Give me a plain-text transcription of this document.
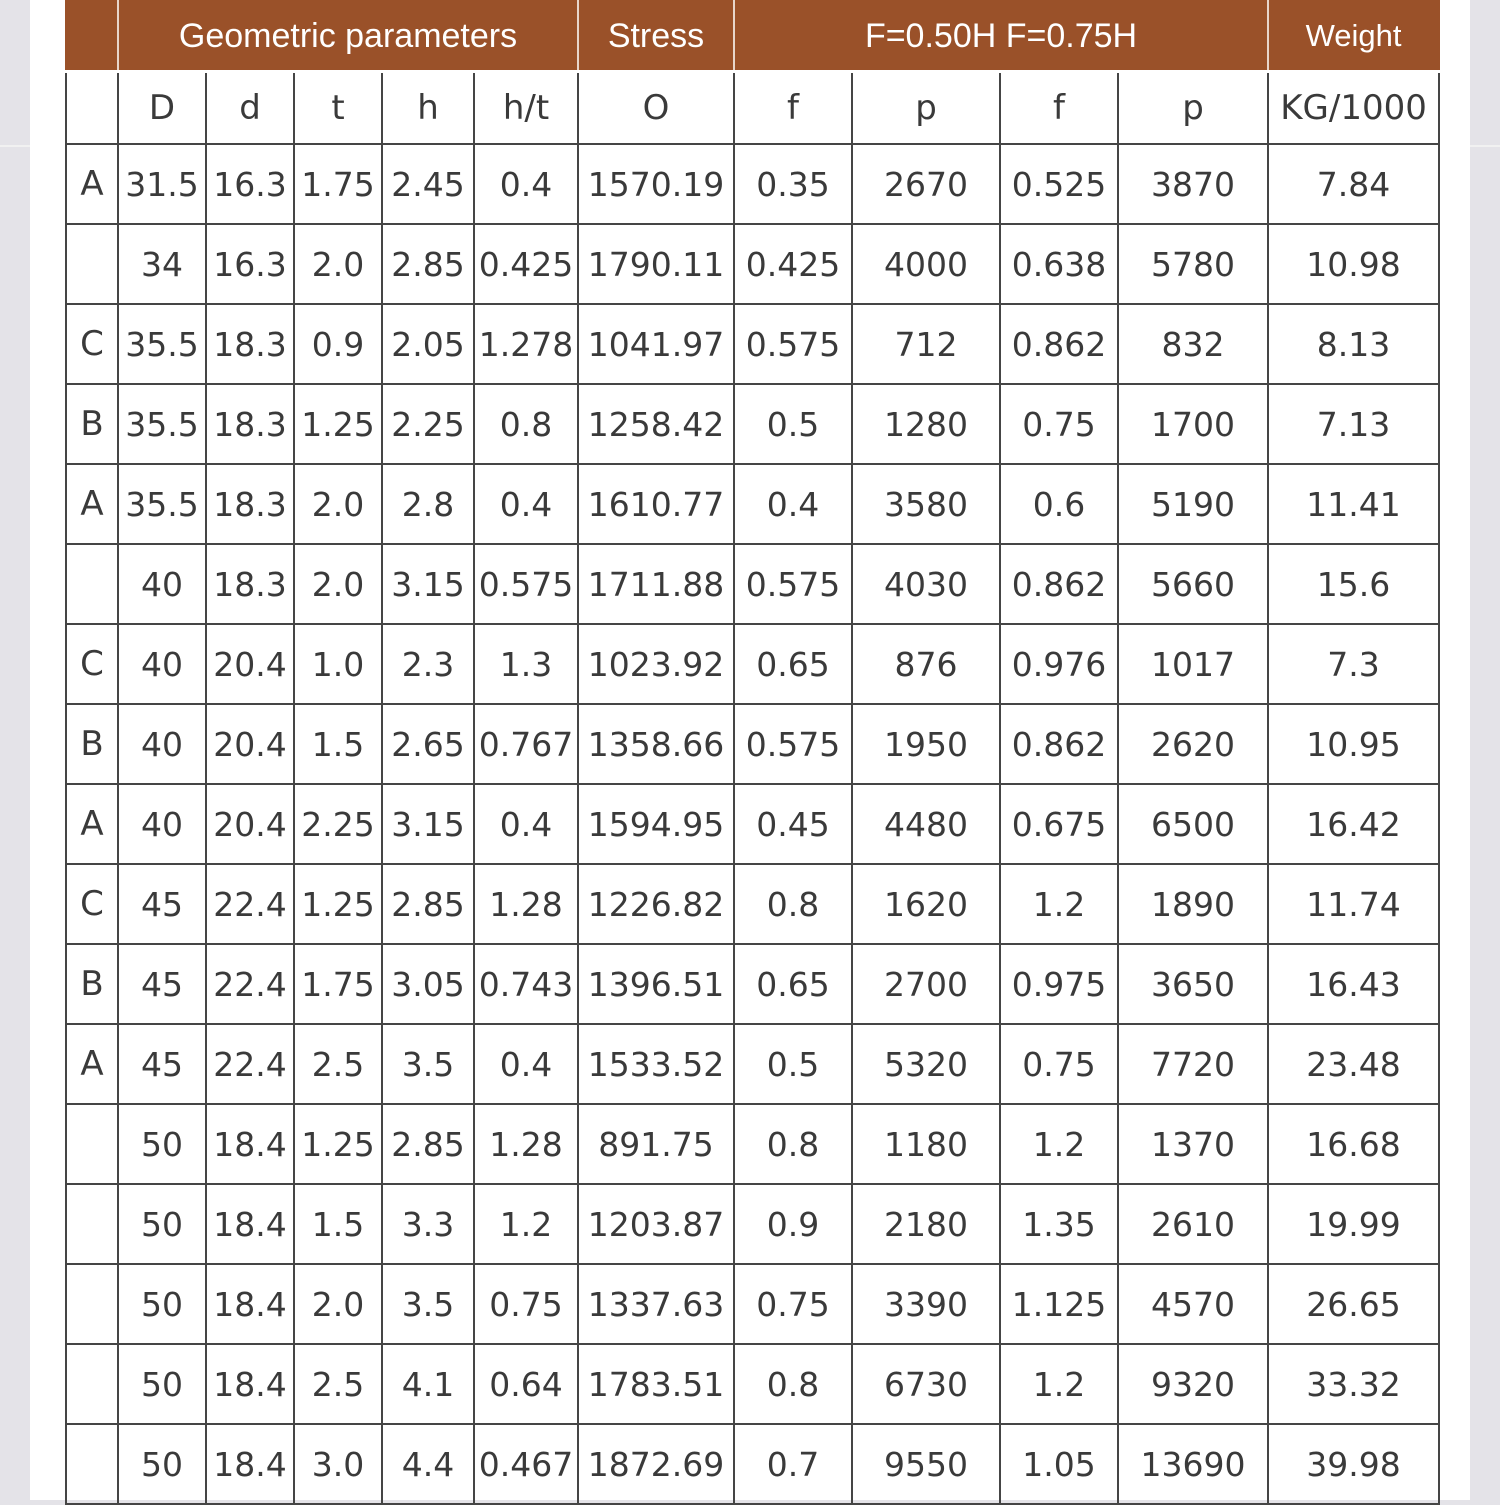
	Geometric parameters					Stress	F=0.50H F=0.75H				Weight
	D	d	t	h	h/t	O	f	p	f	p	KG/1000
A	31.5	16.3	1.75	2.45	0.4	1570.19	0.35	2670	0.525	3870	7.84
	34	16.3	2.0	2.85	0.425	1790.11	0.425	4000	0.638	5780	10.98
C	35.5	18.3	0.9	2.05	1.278	1041.97	0.575	712	0.862	832	8.13
B	35.5	18.3	1.25	2.25	0.8	1258.42	0.5	1280	0.75	1700	7.13
A	35.5	18.3	2.0	2.8	0.4	1610.77	0.4	3580	0.6	5190	11.41
	40	18.3	2.0	3.15	0.575	1711.88	0.575	4030	0.862	5660	15.6
C	40	20.4	1.0	2.3	1.3	1023.92	0.65	876	0.976	1017	7.3
B	40	20.4	1.5	2.65	0.767	1358.66	0.575	1950	0.862	2620	10.95
A	40	20.4	2.25	3.15	0.4	1594.95	0.45	4480	0.675	6500	16.42
C	45	22.4	1.25	2.85	1.28	1226.82	0.8	1620	1.2	1890	11.74
B	45	22.4	1.75	3.05	0.743	1396.51	0.65	2700	0.975	3650	16.43
A	45	22.4	2.5	3.5	0.4	1533.52	0.5	5320	0.75	7720	23.48
	50	18.4	1.25	2.85	1.28	891.75	0.8	1180	1.2	1370	16.68
	50	18.4	1.5	3.3	1.2	1203.87	0.9	2180	1.35	2610	19.99
	50	18.4	2.0	3.5	0.75	1337.63	0.75	3390	1.125	4570	26.65
	50	18.4	2.5	4.1	0.64	1783.51	0.8	6730	1.2	9320	33.32
	50	18.4	3.0	4.4	0.467	1872.69	0.7	9550	1.05	13690	39.98
